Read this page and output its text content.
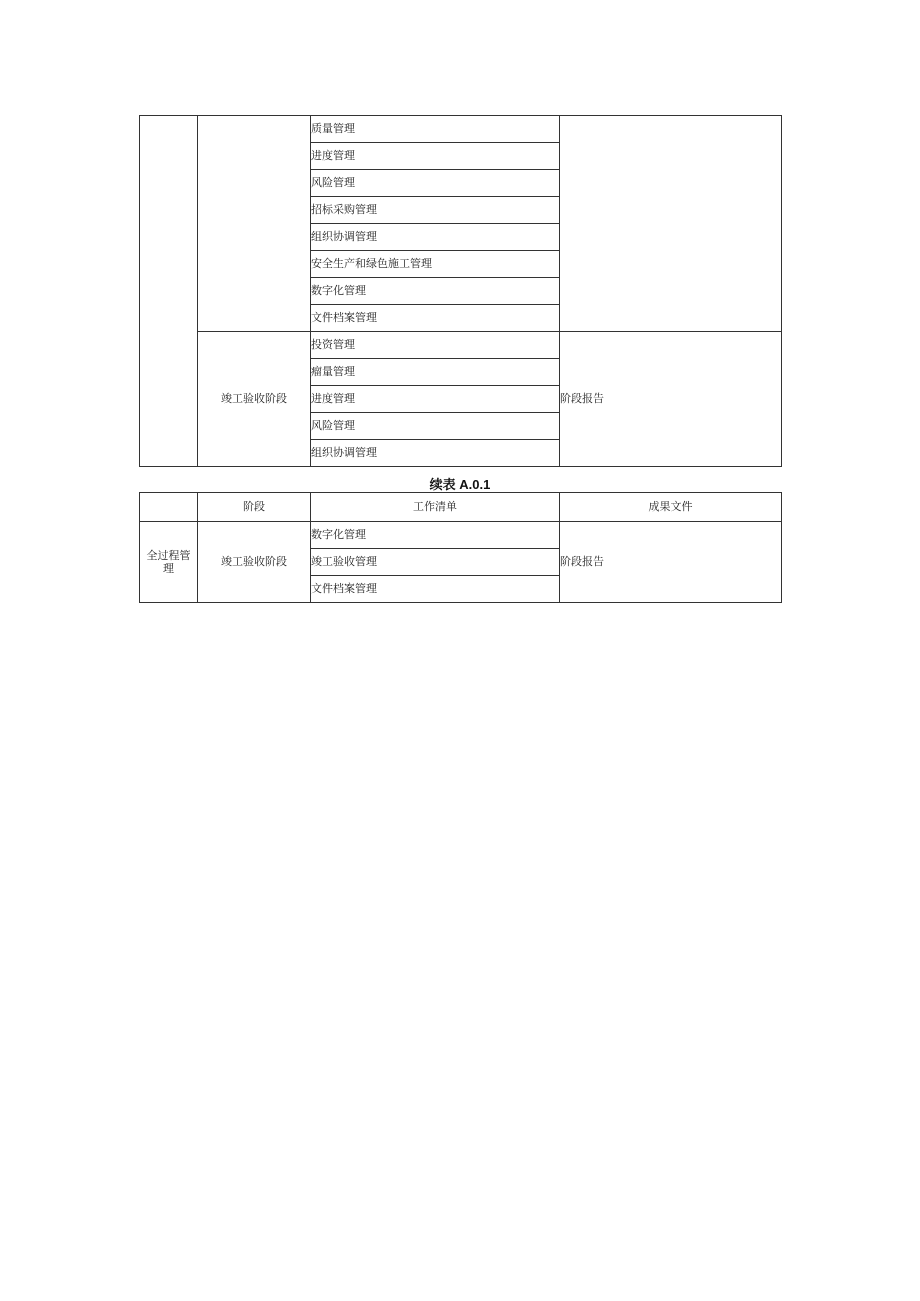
		质量管理	
		进度管理	
		风险管理	
		招标采购管理	
		组织协调管理	
		安全生产和绿色施工管理	
		数字化管理	
		文件档案管理	
	竣工验收阶段	投资管理	阶段报告
		瘤量管理	
		进度管理	
		风险管理	
		组织协调管理	
续表 A.0.1
	阶段	工作清单	成果文件
全过程管理	竣工验收阶段	数字化管理	阶段报告
		竣工验收管理	
		文件档案管理	
